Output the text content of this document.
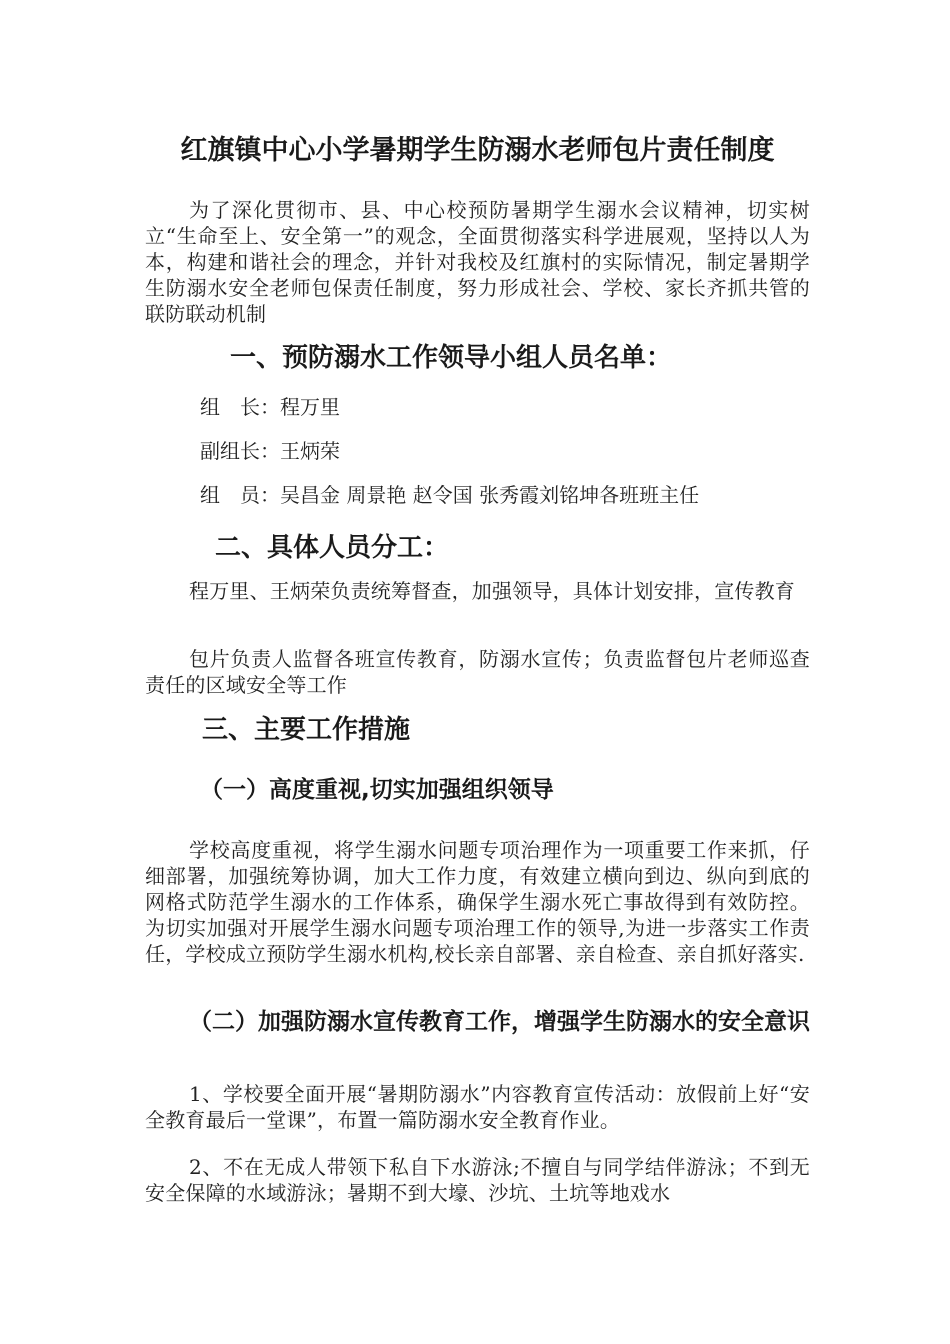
红旗镇中心小学暑期学生防溺水老师包片责任制度

为了深化贯彻市、县、中心校预防暑期学生溺水会议精神，切实树立“生命至上、安全第一”的观念，全面贯彻落实科学进展观，坚持以人为本，构建和谐社会的理念，并针对我校及红旗村的实际情况，制定暑期学生防溺水安全老师包保责任制度，努力形成社会、学校、家长齐抓共管的联防联动机制

一、预防溺水工作领导小组人员名单：
组　长：程万里
副组长：王炳荣
组　员：吴昌金 周景艳 赵令国 张秀霞刘铭坤各班班主任
二、具体人员分工：

程万里、王炳荣负责统筹督查，加强领导，具体计划安排，宣传教育

包片负责人监督各班宣传教育，防溺水宣传；负责监督包片老师巡查责任的区域安全等工作

三、主要工作措施
（一）高度重视,切实加强组织领导

学校高度重视，将学生溺水问题专项治理作为一项重要工作来抓，仔细部署，加强统筹协调，加大工作力度，有效建立横向到边、纵向到底的网格式防范学生溺水的工作体系，确保学生溺水死亡事故得到有效防控。为切实加强对开展学生溺水问题专项治理工作的领导,为进一步落实工作责任，学校成立预防学生溺水机构,校长亲自部署、亲自检查、亲自抓好落实.

（二）加强防溺水宣传教育工作，增强学生防溺水的安全意识

1、学校要全面开展“暑期防溺水”内容教育宣传活动：放假前上好“安全教育最后一堂课”，布置一篇防溺水安全教育作业。

2、不在无成人带领下私自下水游泳;不擅自与同学结伴游泳；不到无安全保障的水域游泳；暑期不到大壕、沙坑、土坑等地戏水
